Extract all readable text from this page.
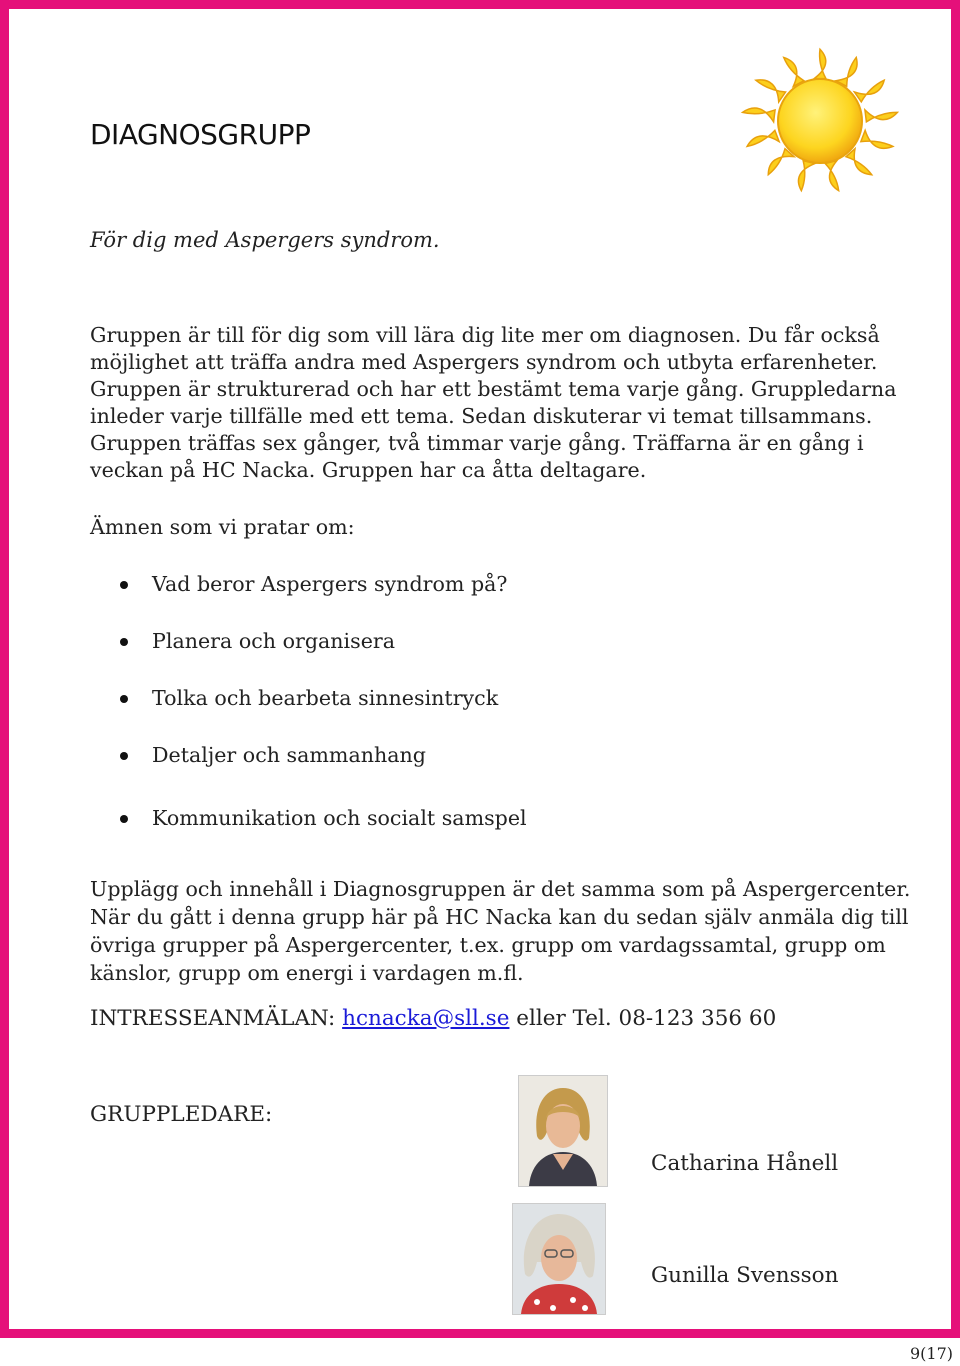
DIAGNOSGRUPP

För dig med Aspergers syndrom.

Gruppen är till för dig som vill lära dig lite mer om diagnosen. Du får också möjlighet att träffa andra med Aspergers syndrom och utbyta erfarenheter. Gruppen är strukturerad och har ett bestämt tema varje gång. Gruppledarna inleder varje tillfälle med ett tema. Sedan diskuterar vi temat tillsammans. Gruppen träffas sex gånger, två timmar varje gång. Träffarna är en gång i veckan på HC Nacka. Gruppen har ca åtta deltagare.

Ämnen som vi pratar om:

Vad beror Aspergers syndrom på?
Planera och organisera
Tolka och bearbeta sinnesintryck
Detaljer och sammanhang
Kommunikation och socialt samspel

Upplägg och innehåll i Diagnosgruppen är det samma som på Aspergercenter. När du gått i denna grupp här på HC Nacka kan du sedan själv anmäla dig till övriga grupper på Aspergercenter, t.ex. grupp om vardagssamtal, grupp om känslor, grupp om energi i vardagen m.fl.

INTRESSEANMÄLAN: hcnacka@sll.se eller Tel. 08-123 356 60

GRUPPLEDARE:

Catharina Hånell

Gunilla Svensson

9(17)
